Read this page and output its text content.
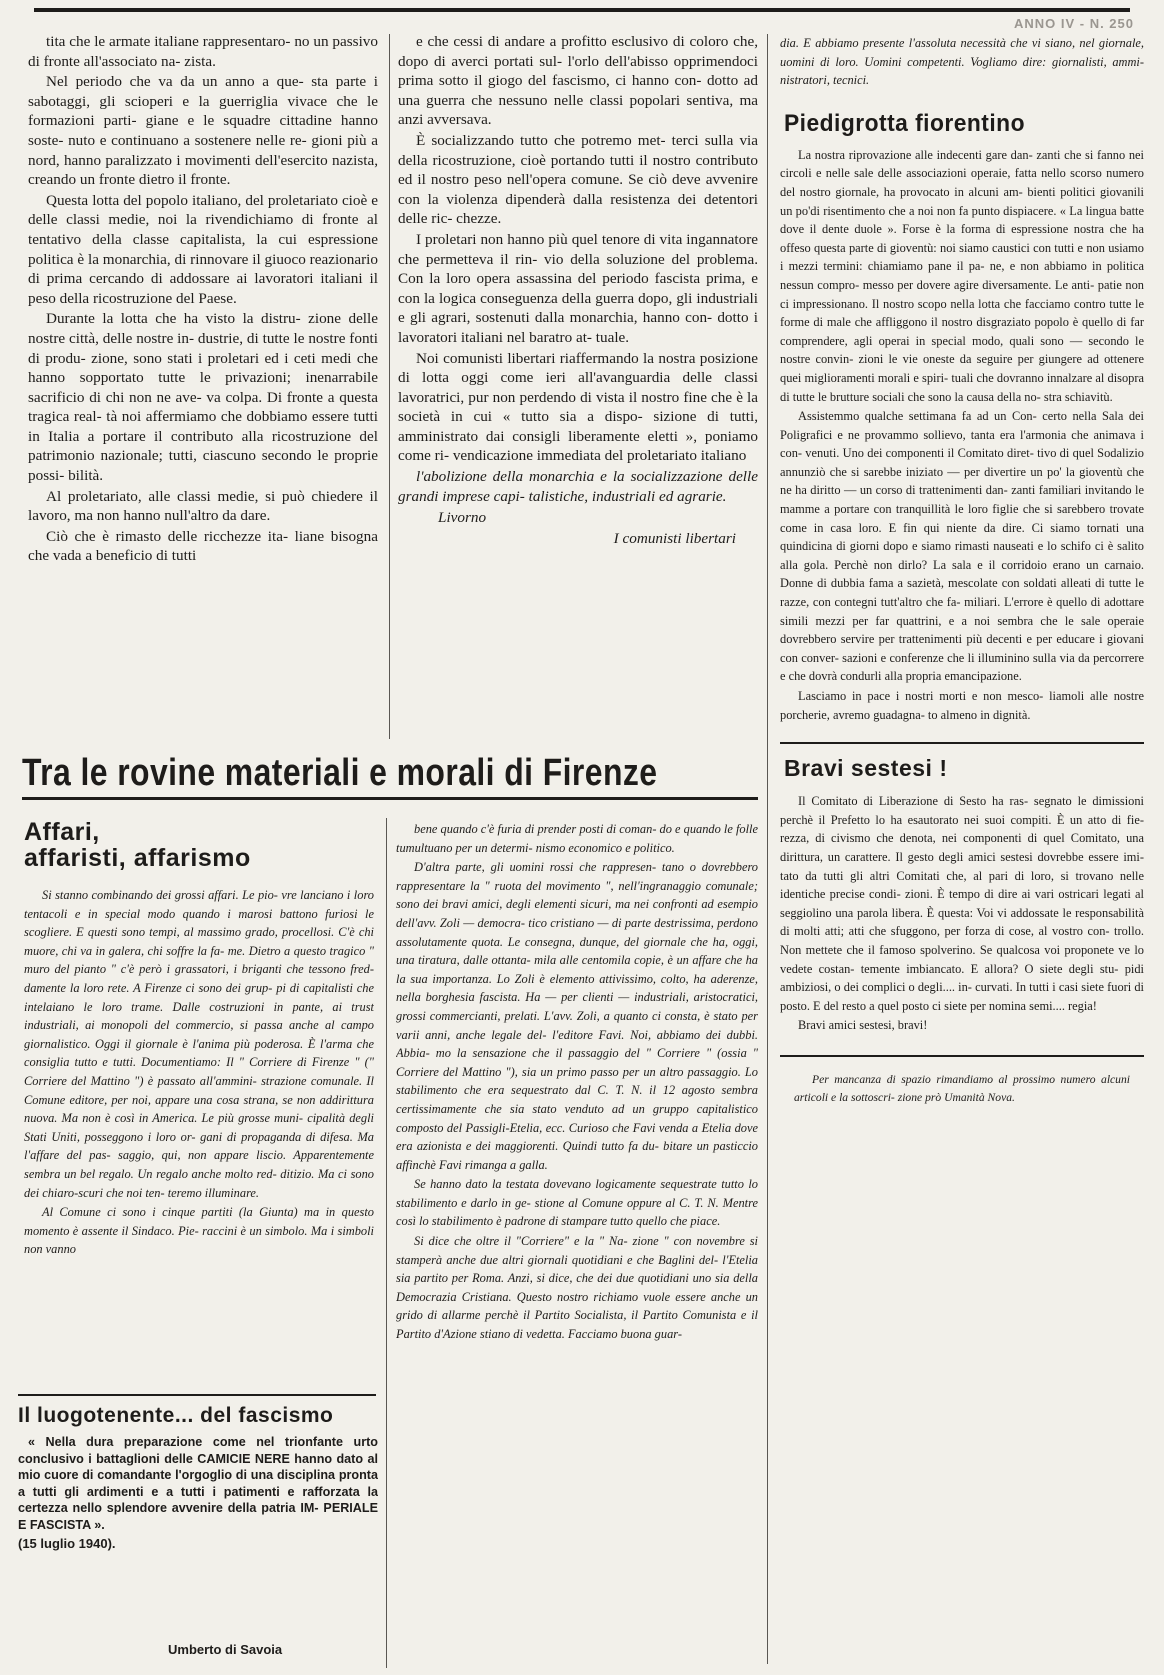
ANNO IV - N. 250

tita che le armate italiane rappresentaro- no un passivo di fronte all'associato na- zista.

Nel periodo che va da un anno a que- sta parte i sabotaggi, gli scioperi e la guerriglia vivace che le formazioni parti- giane e le squadre cittadine hanno soste- nuto e continuano a sostenere nelle re- gioni più a nord, hanno paralizzato i movimenti dell'esercito nazista, creando un fronte dietro il fronte.

Questa lotta del popolo italiano, del proletariato cioè e delle classi medie, noi la rivendichiamo di fronte al tentativo della classe capitalista, la cui espressione politica è la monarchia, di rinnovare il giuoco reazionario di prima cercando di addossare ai lavoratori italiani il peso della ricostruzione del Paese.

Durante la lotta che ha visto la distru- zione delle nostre città, delle nostre in- dustrie, di tutte le nostre fonti di produ- zione, sono stati i proletari ed i ceti medi che hanno sopportato tutte le privazioni; inenarrabile sacrificio di chi non ne ave- va colpa. Di fronte a questa tragica real- tà noi affermiamo che dobbiamo essere tutti in Italia a portare il contributo alla ricostruzione del patrimonio nazionale; tutti, ciascuno secondo le proprie possi- bilità.

Al proletariato, alle classi medie, si può chiedere il lavoro, ma non hanno null'altro da dare.

Ciò che è rimasto delle ricchezze ita- liane bisogna che vada a beneficio di tutti

e che cessi di andare a profitto esclusivo di coloro che, dopo di averci portati sul- l'orlo dell'abisso opprimendoci prima sotto il giogo del fascismo, ci hanno con- dotto ad una guerra che nessuno nelle classi popolari sentiva, ma anzi avversava.

È socializzando tutto che potremo met- terci sulla via della ricostruzione, cioè portando tutti il nostro contributo ed il nostro peso nell'opera comune. Se ciò deve avvenire con la violenza dipenderà dalla resistenza dei detentori delle ric- chezze.

I proletari non hanno più quel tenore di vita ingannatore che permetteva il rin- vio della soluzione del problema. Con la loro opera assassina del periodo fascista prima, e con la logica conseguenza della guerra dopo, gli industriali e gli agrari, sostenuti dalla monarchia, hanno con- dotto i lavoratori italiani nel baratro at- tuale.

Noi comunisti libertari riaffermando la nostra posizione di lotta oggi come ieri all'avanguardia delle classi lavoratrici, pur non perdendo di vista il nostro fine che è la società in cui « tutto sia a dispo- sizione di tutti, amministrato dai consigli liberamente eletti », poniamo come ri- vendicazione immediata del proletariato italiano

l'abolizione della monarchia e la socializzazione delle grandi imprese capi- talistiche, industriali ed agrarie.

Livorno

I comunisti libertari

dia. E abbiamo presente l'assoluta necessità che vi siano, nel giornale, uomini di loro. Uomini competenti. Vogliamo dire: giornalisti, ammi- nistratori, tecnici.

Piedigrotta fiorentino

La nostra riprovazione alle indecenti gare dan- zanti che si fanno nei circoli e nelle sale delle associazioni operaie, fatta nello scorso numero del nostro giornale, ha provocato in alcuni am- bienti politici giovanili un po'di risentimento che a noi non fa punto dispiacere. « La lingua batte dove il dente duole ». Forse è la forma di espressione nostra che ha offeso questa parte di gioventù: noi siamo caustici con tutti e non usiamo i mezzi termini: chiamiamo pane il pa- ne, e non abbiamo in politica nessun compro- messo per dovere agire diversamente. Le anti- patie non ci impressionano. Il nostro scopo nella lotta che facciamo contro tutte le forme di male che affliggono il nostro disgraziato popolo è quello di far comprendere, agli operai in special modo, quali sono — secondo le nostre convin- zioni le vie oneste da seguire per giungere ad ottenere quei miglioramenti morali e spiri- tuali che dovranno innalzare al disopra di tutte le brutture sociali che sono la causa della no- stra schiavitù.

Assistemmo qualche settimana fa ad un Con- certo nella Sala dei Poligrafici e ne provammo sollievo, tanta era l'armonia che animava i con- venuti. Uno dei componenti il Comitato diret- tivo di quel Sodalizio annunziò che si sarebbe iniziato — per divertire un po' la gioventù che ne ha diritto — un corso di trattenimenti dan- zanti familiari invitando le mamme a portare con tranquillità le loro figlie che si sarebbero trovate come in casa loro. E fin qui niente da dire. Ci siamo tornati una quindicina di giorni dopo e siamo rimasti nauseati e lo schifo ci è salito alla gola. Perchè non dirlo? La sala e il corridoio erano un carnaio. Donne di dubbia fama a sazietà, mescolate con soldati alleati di tutte le razze, con contegni tutt'altro che fa- miliari. L'errore è quello di adottare simili mezzi per far quattrini, e a noi sembra che le sale operaie dovrebbero servire per trattenimenti più decenti e per educare i giovani con conver- sazioni e conferenze che li illuminino sulla via da percorrere e che dovrà condurli alla propria emancipazione.

Lasciamo in pace i nostri morti e non mesco- liamoli alle nostre porcherie, avremo guadagna- to almeno in dignità.

Bravi sestesi !

Il Comitato di Liberazione di Sesto ha ras- segnato le dimissioni perchè il Prefetto lo ha esautorato nei suoi compiti. È un atto di fie- rezza, di civismo che denota, nei componenti di quel Comitato, una dirittura, un carattere. Il gesto degli amici sestesi dovrebbe essere imi- tato da tutti gli altri Comitati che, al pari di loro, si trovano nelle identiche precise condi- zioni. È tempo di dire ai vari ostricari legati al seggiolino una parola libera. È questa: Voi vi addossate le responsabilità di molti atti; atti che sfuggono, per forza di cose, al vostro con- trollo. Non mettete che il famoso spolverino. Se qualcosa voi proponete ve lo vedete costan- temente imbiancato. E allora? O siete degli stu- pidi ambiziosi, o dei complici o degli.... in- curvati. In tutti i casi siete fuori di posto. E del resto a quel posto ci siete per nomina semi.... regia!

Bravi amici sestesi, bravi!

Per mancanza di spazio rimandiamo al prossimo numero alcuni articoli e la sottoscri- zione prò Umanità Nova.

Tra le rovine materiali e morali di Firenze
Affari,
affaristi, affarismo

Si stanno combinando dei grossi affari. Le pio- vre lanciano i loro tentacoli e in special modo quando i marosi battono furiosi le scogliere. E questi sono tempi, al massimo grado, procellosi. C'è chi muore, chi va in galera, chi soffre la fa- me. Dietro a questo tragico " muro del pianto " c'è però i grassatori, i briganti che tessono fred- damente la loro rete. A Firenze ci sono dei grup- pi di capitalisti che intelaiano le loro trame. Dalle costruzioni in pante, ai trust industriali, ai monopoli del commercio, si passa anche al campo giornalistico. Oggi il giornale è l'anima più poderosa. È l'arma che consiglia tutto e tutti. Documentiamo: Il " Corriere di Firenze " (" Corriere del Mattino ") è passato all'ammini- strazione comunale. Il Comune editore, per noi, appare una cosa strana, se non addirittura nuova. Ma non è così in America. Le più grosse muni- cipalità degli Stati Uniti, posseggono i loro or- gani di propaganda di difesa. Ma l'affare del pas- saggio, qui, non appare liscio. Apparentemente sembra un bel regalo. Un regalo anche molto red- ditizio. Ma ci sono dei chiaro-scuri che noi ten- teremo illuminare.

Al Comune ci sono i cinque partiti (la Giunta) ma in questo momento è assente il Sindaco. Pie- raccini è un simbolo. Ma i simboli non vanno

Il luogotenente... del fascismo

« Nella dura preparazione come nel trionfante urto conclusivo i battaglioni delle CAMICIE NERE hanno dato al mio cuore di comandante l'orgoglio di una disciplina pronta a tutti gli ardimenti e a tutti i patimenti e rafforzata la certezza nello splendore avvenire della patria IM- PERIALE E FASCISTA ».

(15 luglio 1940).
Umberto di Savoia

bene quando c'è furia di prender posti di coman- do e quando le folle tumultuano per un determi- nismo economico e politico.

D'altra parte, gli uomini rossi che rappresen- tano o dovrebbero rappresentare la " ruota del movimento ", nell'ingranaggio comunale; sono dei bravi amici, degli elementi sicuri, ma nei confronti ad esempio dell'avv. Zoli — democra- tico cristiano — di parte destrissima, perdono assolutamente quota. Le consegna, dunque, del giornale che ha, oggi, una tiratura, dalle ottanta- mila alle centomila copie, è un affare che ha la sua importanza. Lo Zoli è elemento attivissimo, colto, ha aderenze, nella borghesia fascista. Ha — per clienti — industriali, aristocratici, grossi commercianti, prelati. L'avv. Zoli, a quanto ci consta, è stato per varii anni, anche legale del- l'editore Favi. Noi, abbiamo dei dubbi. Abbia- mo la sensazione che il passaggio del " Corriere " (ossia " Corriere del Mattino "), sia un primo passo per un altro passaggio. Lo stabilimento che era sequestrato dal C. T. N. il 12 agosto sembra certissimamente che sia stato venduto ad un gruppo capitalistico composto del Passigli-Etelia, ecc. Curioso che Favi venda a Etelia dove era azionista e dei maggiorenti. Quindi tutto fa du- bitare un pasticcio affinchè Favi rimanga a galla.

Se hanno dato la testata dovevano logicamente sequestrate tutto lo stabilimento e darlo in ge- stione al Comune oppure al C. T. N. Mentre così lo stabilimento è padrone di stampare tutto quello che piace.

Si dice che oltre il "Corriere" e la " Na- zione " con novembre si stamperà anche due altri giornali quotidiani e che Baglini del- l'Etelia sia partito per Roma. Anzi, si dice, che dei due quotidiani uno sia della Democrazia Cristiana. Questo nostro richiamo vuole essere anche un grido di allarme perchè il Partito Socialista, il Partito Comunista e il Partito d'Azione stiano di vedetta. Facciamo buona guar-
